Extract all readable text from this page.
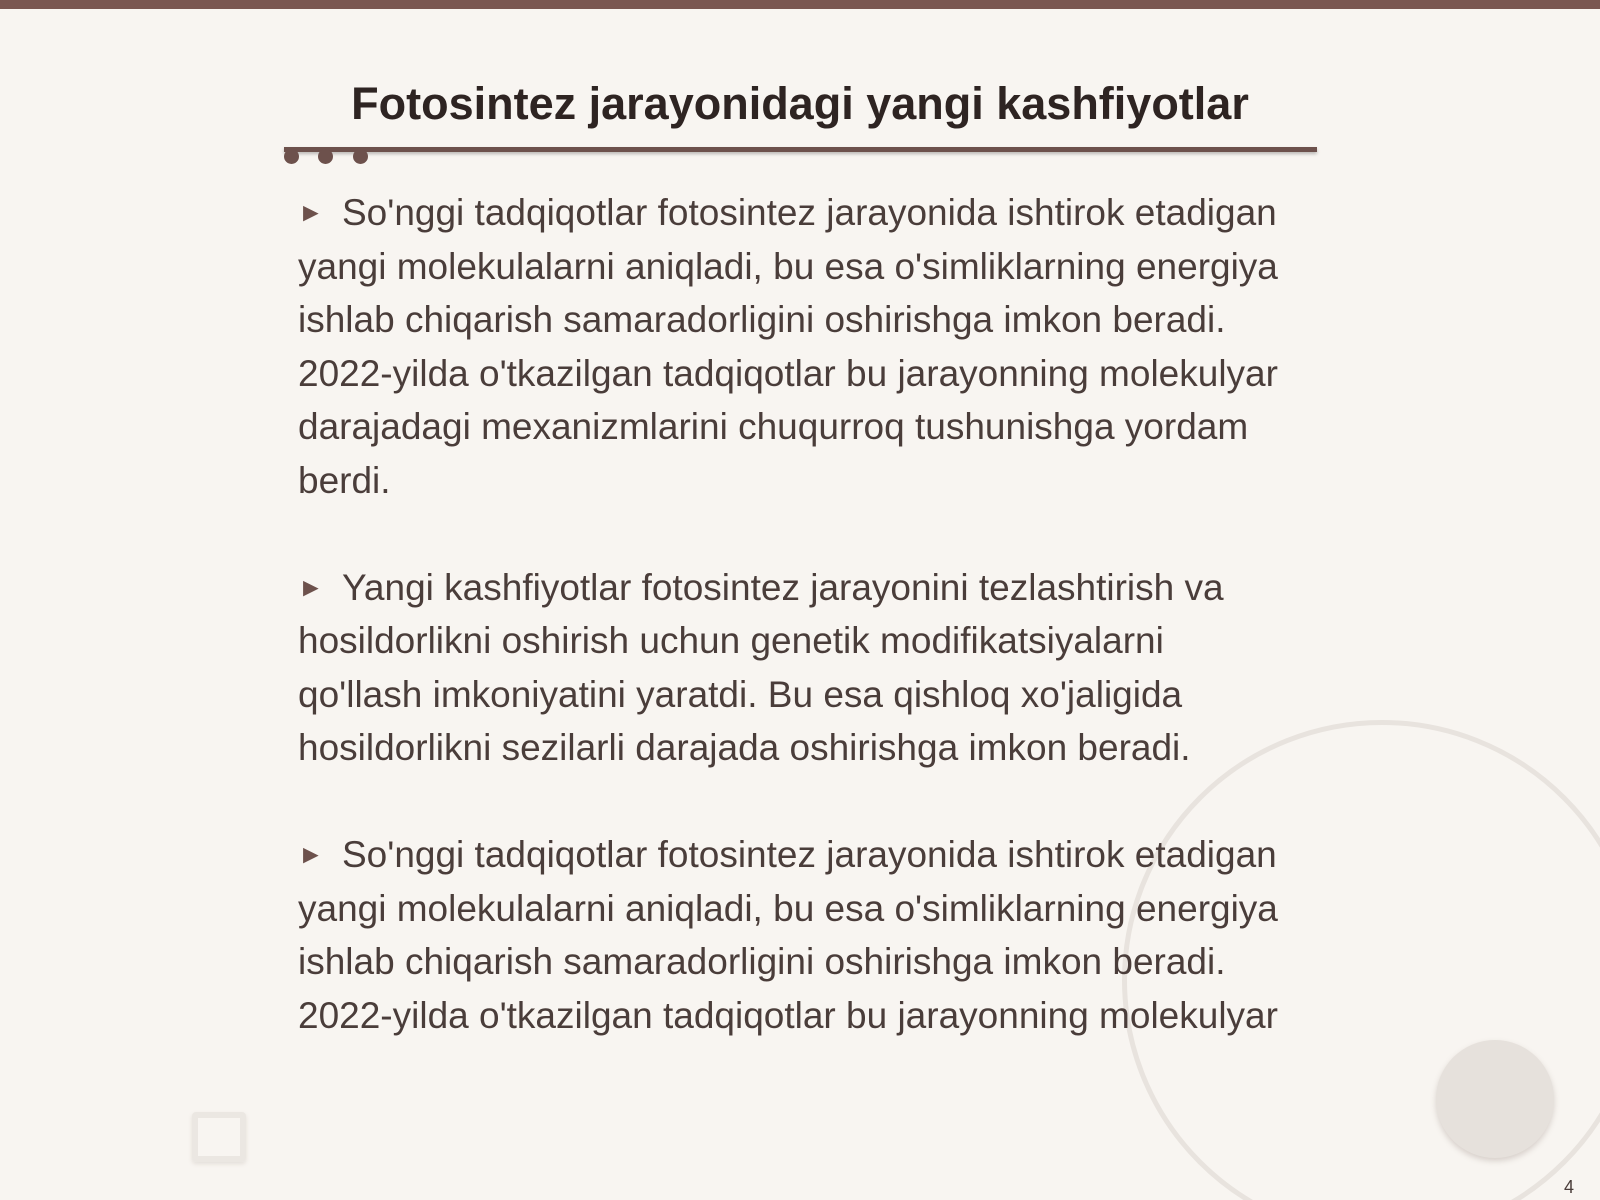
Fotosintez jarayonidagi yangi kashfiyotlar

► So'nggi tadqiqotlar fotosintez jarayonida ishtirok etadigan yangi molekulalarni aniqladi, bu esa o'simliklarning energiya ishlab chiqarish samaradorligini oshirishga imkon beradi. 2022-yilda o'tkazilgan tadqiqotlar bu jarayonning molekulyar darajadagi mexanizmlarini chuqurroq tushunishga yordam berdi.

► Yangi kashfiyotlar fotosintez jarayonini tezlashtirish va hosildorlikni oshirish uchun genetik modifikatsiyalarni qo'llash imkoniyatini yaratdi. Bu esa qishloq xo'jaligida hosildorlikni sezilarli darajada oshirishga imkon beradi.

► So'nggi tadqiqotlar fotosintez jarayonida ishtirok etadigan yangi molekulalarni aniqladi, bu esa o'simliklarning energiya ishlab chiqarish samaradorligini oshirishga imkon beradi. 2022-yilda o'tkazilgan tadqiqotlar bu jarayonning molekulyar

4
